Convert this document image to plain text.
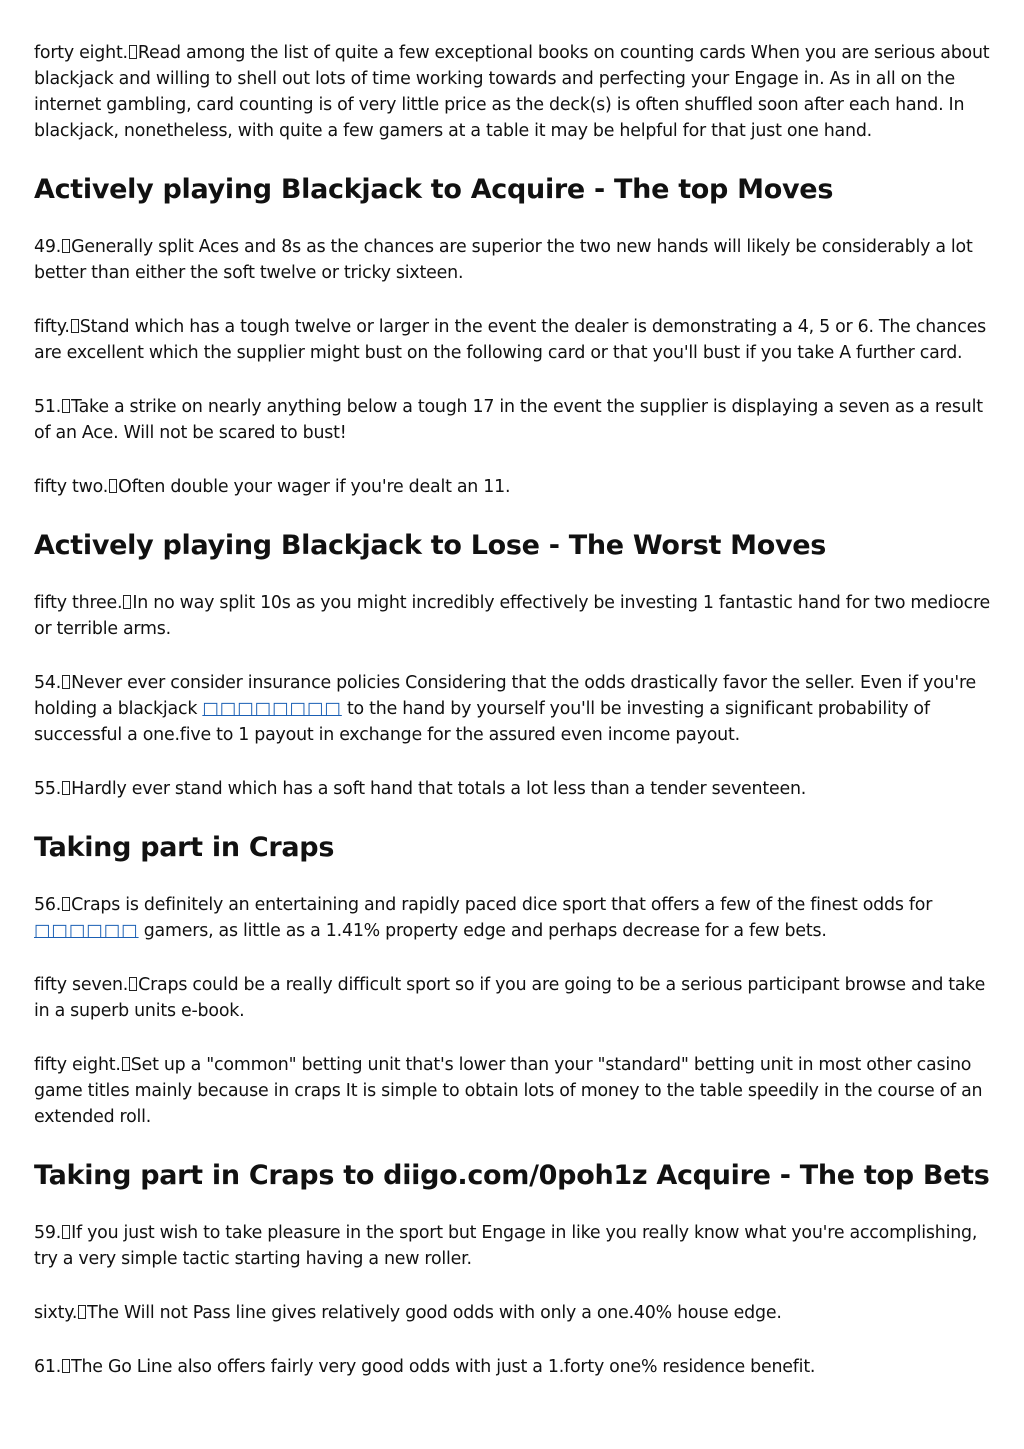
forty eight. Read among the list of quite a few exceptional books on counting cards When you are serious about blackjack and willing to shell out lots of time working towards and perfecting your Engage in. As in all on the internet gambling, card counting is of very little price as the deck(s) is often shuffled soon after each hand. In blackjack, nonetheless, with quite a few gamers at a table it may be helpful for that just one hand.

Actively playing Blackjack to Acquire - The top Moves

49. Generally split Aces and 8s as the chances are superior the two new hands will likely be considerably a lot better than either the soft twelve or tricky sixteen.

fifty. Stand which has a tough twelve or larger in the event the dealer is demonstrating a 4, 5 or 6. The chances are excellent which the supplier might bust on the following card or that you'll bust if you take A further card.

51. Take a strike on nearly anything below a tough 17 in the event the supplier is displaying a seven as a result of an Ace. Will not be scared to bust!

fifty two. Often double your wager if you're dealt an 11.

Actively playing Blackjack to Lose - The Worst Moves

fifty three. In no way split 10s as you might incredibly effectively be investing 1 fantastic hand for two mediocre or terrible arms.

54. Never ever consider insurance policies Considering that the odds drastically favor the seller. Even if you're holding a blackjack □□□□□□□□ to the hand by yourself you'll be investing a significant probability of successful a one.five to 1 payout in exchange for the assured even income payout.

55. Hardly ever stand which has a soft hand that totals a lot less than a tender seventeen.

Taking part in Craps

56. Craps is definitely an entertaining and rapidly paced dice sport that offers a few of the finest odds for □□□□□□ gamers, as little as a 1.41% property edge and perhaps decrease for a few bets.

fifty seven. Craps could be a really difficult sport so if you are going to be a serious participant browse and take in a superb units e-book.

fifty eight. Set up a "common" betting unit that's lower than your "standard" betting unit in most other casino game titles mainly because in craps It is simple to obtain lots of money to the table speedily in the course of an extended roll.

Taking part in Craps to diigo.com/0poh1z Acquire - The top Bets

59. If you just wish to take pleasure in the sport but Engage in like you really know what you're accomplishing, try a very simple tactic starting having a new roller.

sixty. The Will not Pass line gives relatively good odds with only a one.40% house edge.

61. The Go Line also offers fairly very good odds with just a 1.forty one% residence benefit.
